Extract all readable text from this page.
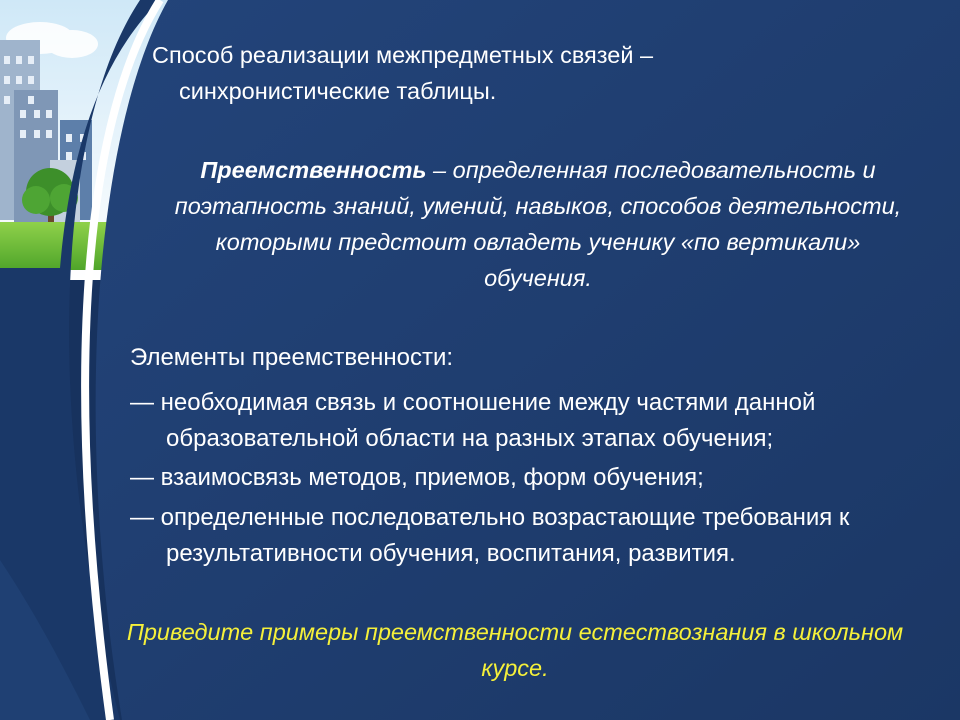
Способ реализации межпредметных связей –
синхронистические таблицы.

Преемственность – определенная последовательность и поэтапность знаний, умений, навыков, способов деятельности, которыми предстоит овладеть ученику «по вертикали» обучения.

Элементы преемственности:

— необходимая связь и соотношение между частями данной образовательной области на разных этапах обучения;

— взаимосвязь методов, приемов, форм обучения;

— определенные последовательно возрастающие требования к результативности обучения, воспитания, развития.

Приведите примеры преемственности естествознания в школьном курсе.
